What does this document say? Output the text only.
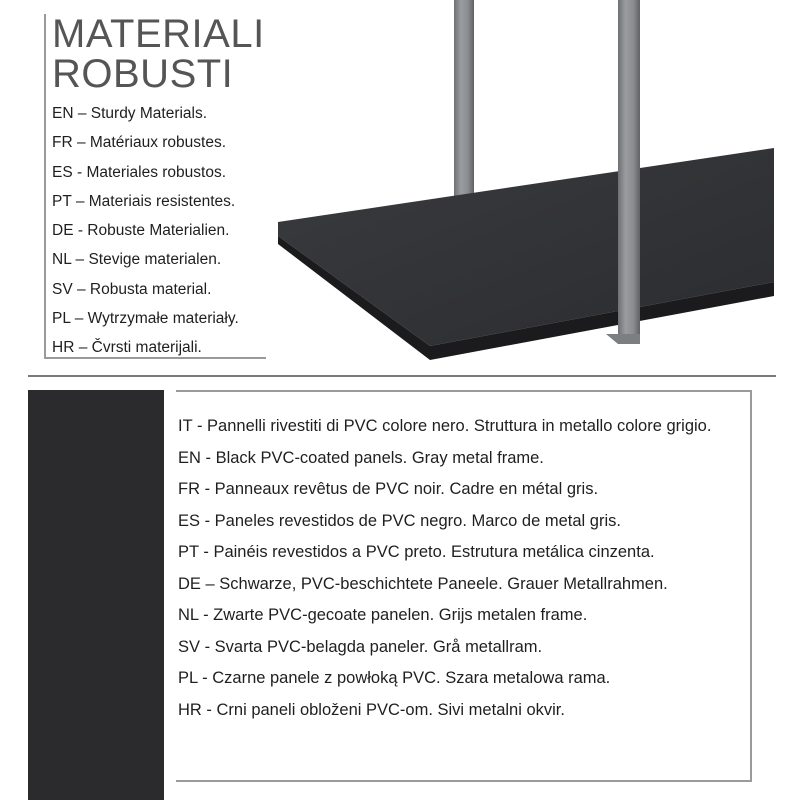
MATERIALI
ROBUSTI
EN – Sturdy Materials.
FR – Matériaux robustes.
ES - Materiales robustos.
PT – Materiais resistentes.
DE - Robuste Materialien.
NL – Stevige materialen.
SV – Robusta material.
PL – Wytrzymałe materiały.
HR – Čvrsti materijali.
IT - Pannelli rivestiti di PVC colore nero. Struttura in metallo colore grigio.
EN - Black PVC-coated panels. Gray metal frame.
FR - Panneaux revêtus de PVC noir. Cadre en métal gris.
ES - Paneles revestidos de PVC negro. Marco de metal gris.
PT - Painéis revestidos a PVC preto. Estrutura metálica cinzenta.
DE – Schwarze, PVC-beschichtete Paneele. Grauer Metallrahmen.
NL - Zwarte PVC-gecoate panelen. Grijs metalen frame.
SV - Svarta PVC-belagda paneler. Grå metallram.
PL - Czarne panele z powłoką PVC. Szara metalowa rama.
HR - Crni paneli obloženi PVC-om. Sivi metalni okvir.
